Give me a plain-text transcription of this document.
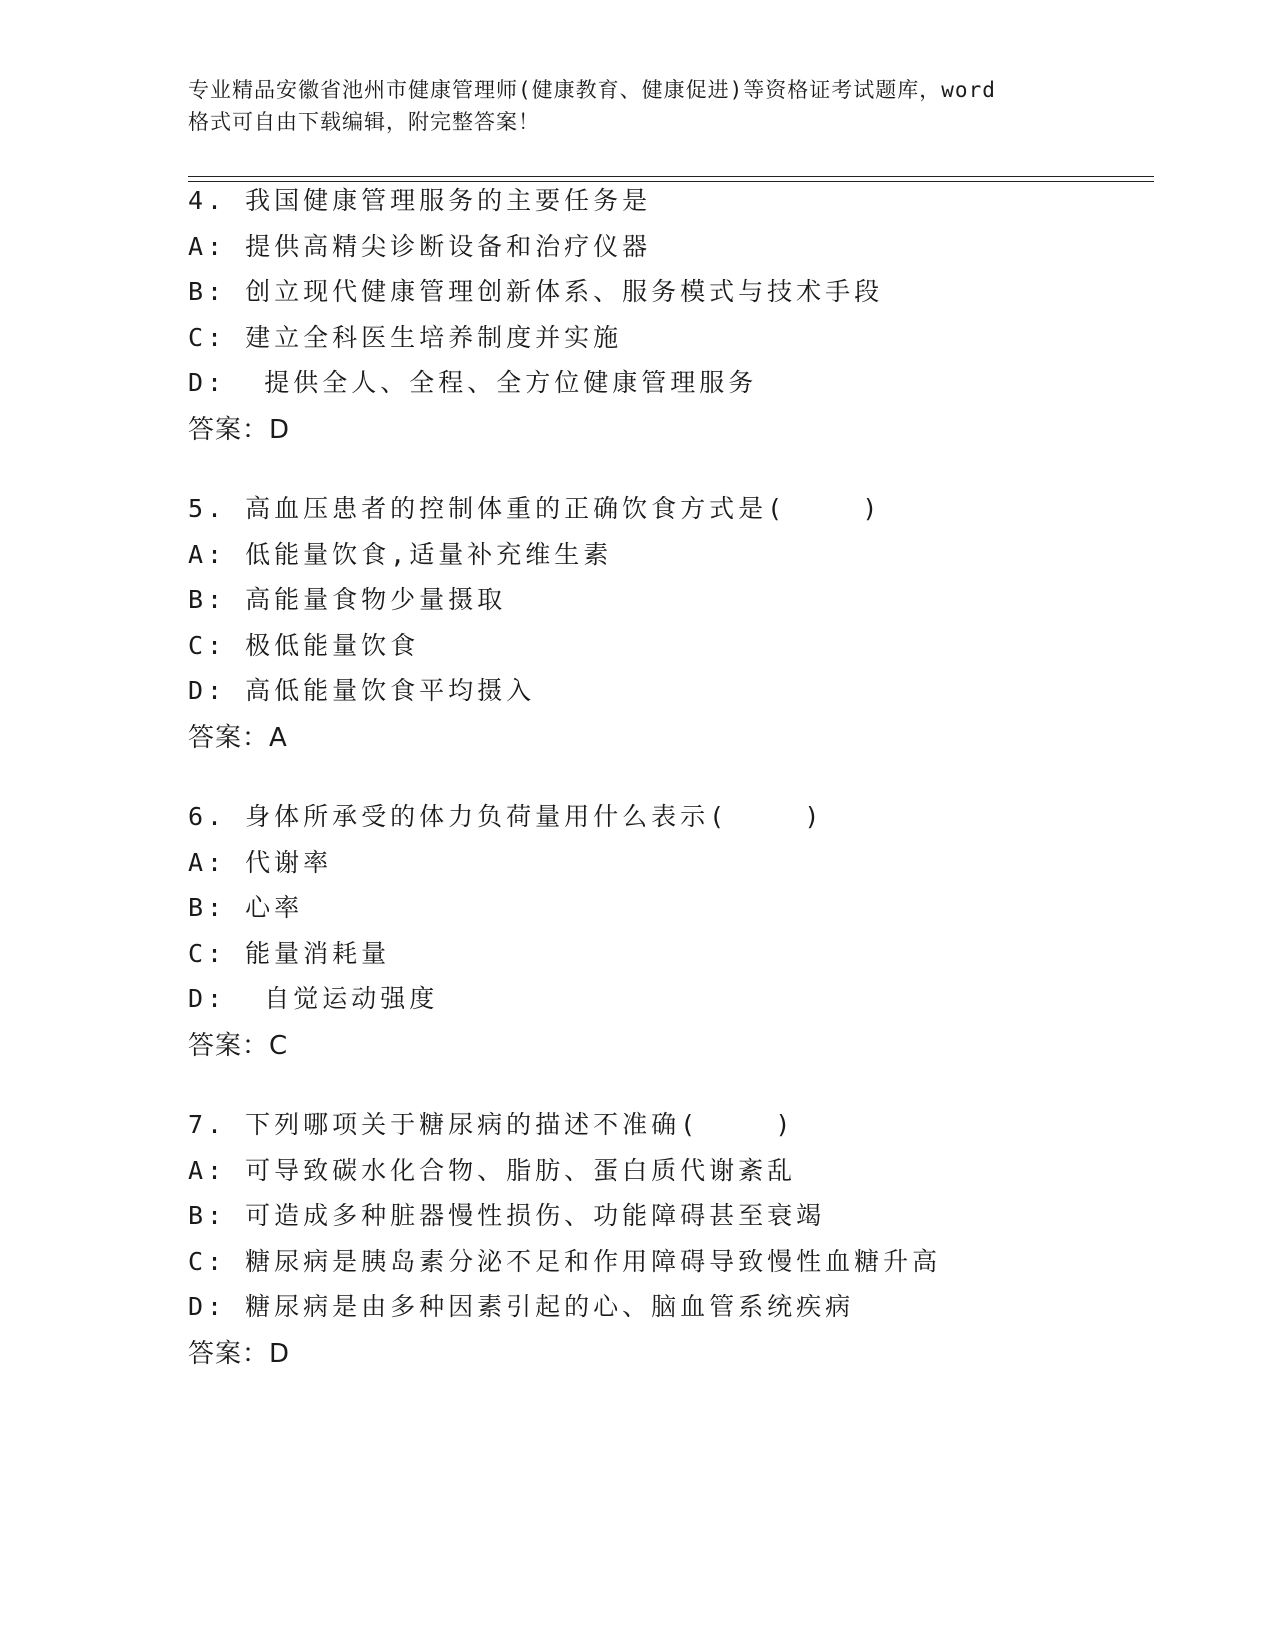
专业精品安徽省池州市健康管理师(健康教育、健康促进)等资格证考试题库，word
格式可自由下载编辑，附完整答案！
4. 我国健康管理服务的主要任务是
A: 提供高精尖诊断设备和治疗仪器
B: 创立现代健康管理创新体系、服务模式与技术手段
C: 建立全科医生培养制度并实施
D:  提供全人、全程、全方位健康管理服务
答案：D
5. 高血压患者的控制体重的正确饮食方式是(    )
A: 低能量饮食,适量补充维生素
B: 高能量食物少量摄取
C: 极低能量饮食
D: 高低能量饮食平均摄入
答案：A
6. 身体所承受的体力负荷量用什么表示(    )
A: 代谢率
B: 心率
C: 能量消耗量
D:  自觉运动强度
答案：C
7. 下列哪项关于糖尿病的描述不准确(    )
A: 可导致碳水化合物、脂肪、蛋白质代谢紊乱
B: 可造成多种脏器慢性损伤、功能障碍甚至衰竭
C: 糖尿病是胰岛素分泌不足和作用障碍导致慢性血糖升高
D: 糖尿病是由多种因素引起的心、脑血管系统疾病
答案：D
